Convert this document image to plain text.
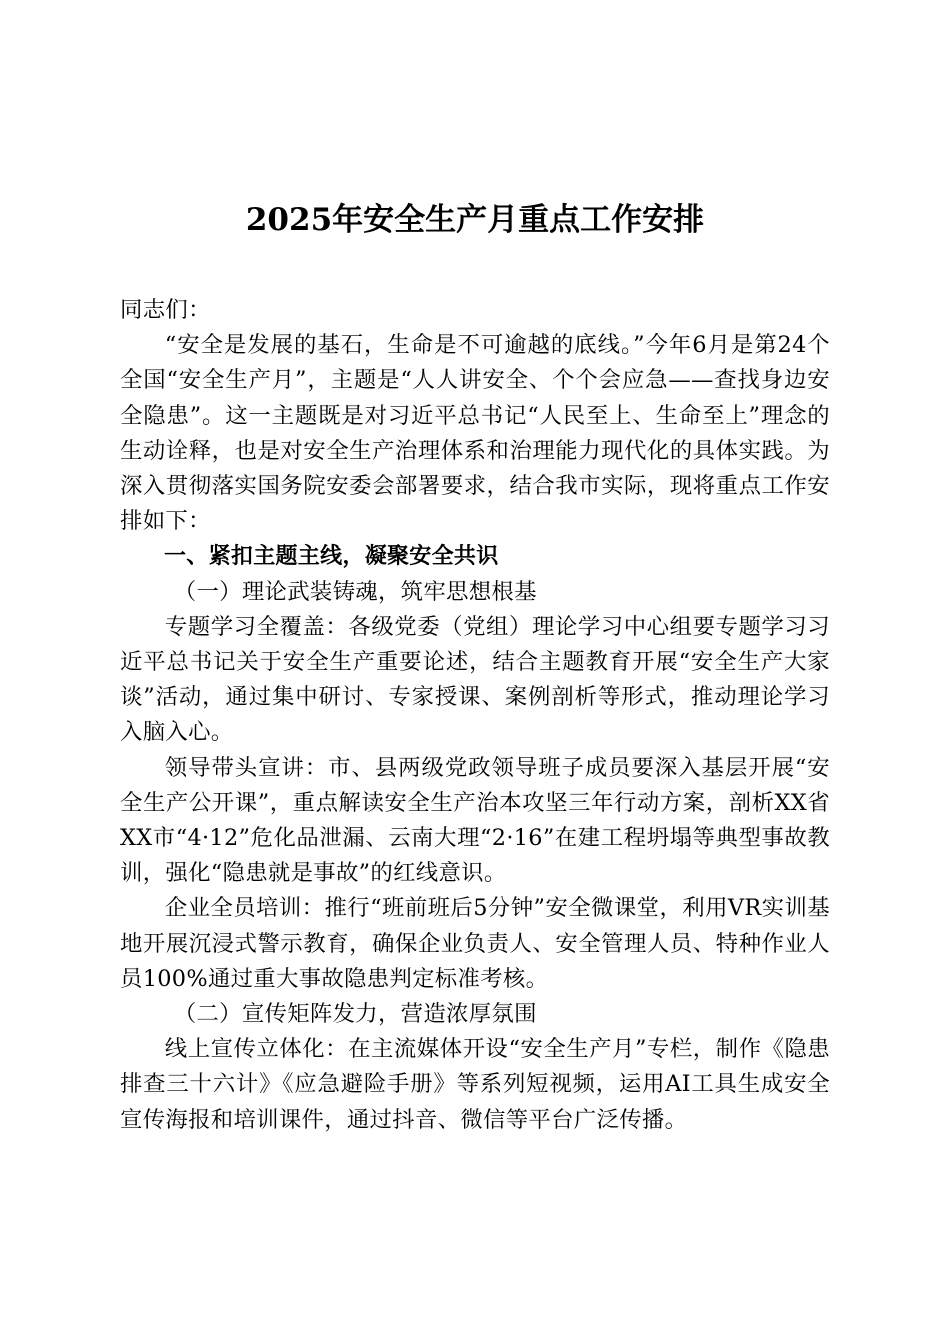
2025年安全生产月重点工作安排

同志们：

“安全是发展的基石，生命是不可逾越的底线。”今年6月是第24个全国“安全生产月”，主题是“人人讲安全、个个会应急——查找身边安全隐患”。这一主题既是对习近平总书记“人民至上、生命至上”理念的生动诠释，也是对安全生产治理体系和治理能力现代化的具体实践。为深入贯彻落实国务院安委会部署要求，结合我市实际，现将重点工作安排如下：

一、紧扣主题主线，凝聚安全共识

（一）理论武装铸魂，筑牢思想根基

专题学习全覆盖：各级党委（党组）理论学习中心组要专题学习习近平总书记关于安全生产重要论述，结合主题教育开展“安全生产大家谈”活动，通过集中研讨、专家授课、案例剖析等形式，推动理论学习入脑入心。

领导带头宣讲：市、县两级党政领导班子成员要深入基层开展“安全生产公开课”，重点解读安全生产治本攻坚三年行动方案，剖析XX省XX市“4·12”危化品泄漏、云南大理“2·16”在建工程坍塌等典型事故教训，强化“隐患就是事故”的红线意识。

企业全员培训：推行“班前班后5分钟”安全微课堂，利用VR实训基地开展沉浸式警示教育，确保企业负责人、安全管理人员、特种作业人员100%通过重大事故隐患判定标准考核。

（二）宣传矩阵发力，营造浓厚氛围

线上宣传立体化：在主流媒体开设“安全生产月”专栏，制作《隐患排查三十六计》《应急避险手册》等系列短视频，运用AI工具生成安全宣传海报和培训课件，通过抖音、微信等平台广泛传播。
